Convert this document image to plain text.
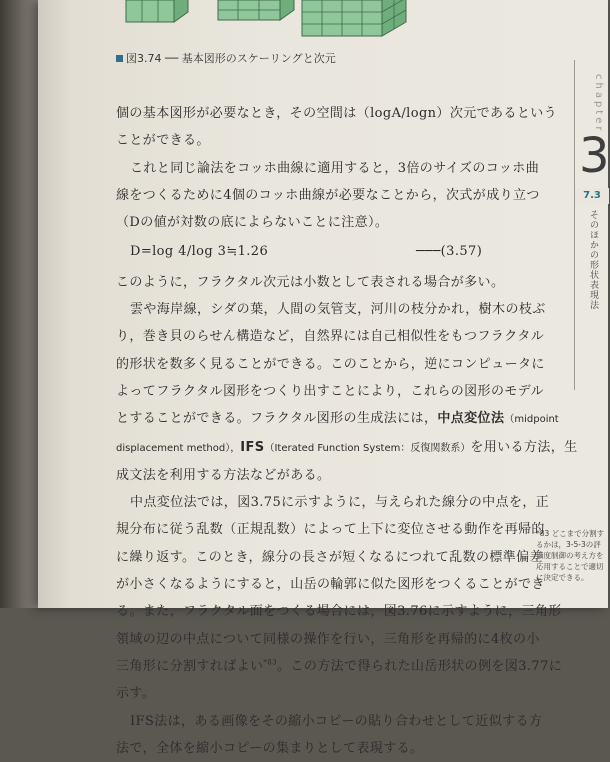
図3.74 ── 基本図形のスケーリングと次元
chapter
3
7.3
そのほかの形状表現法

個の基本図形が必要なとき，その空間は（logA/logn）次元であるという

ことができる。

これと同じ論法をコッホ曲線に適用すると，3倍のサイズのコッホ曲

線をつくるために4個のコッホ曲線が必要なことから，次式が成り立つ

（Dの値が対数の底によらないことに注意）。

D=log 4/log 3≒1.26	───(3.57)

このように，フラクタル次元は小数として表される場合が多い。

雲や海岸線，シダの葉，人間の気管支，河川の枝分かれ，樹木の枝ぶ

り，巻き貝のらせん構造など，自然界には自己相似性をもつフラクタル

的形状を数多く見ることができる。このことから，逆にコンピュータに

よってフラクタル図形をつくり出すことにより，これらの図形のモデル

とすることができる。フラクタル図形の生成法には，中点変位法（midpoint

displacement method），IFS（Iterated Function System：反復関数系）を用いる方法，生

成文法を利用する方法などがある。

中点変位法では，図3.75に示すように，与えられた線分の中点を，正

規分布に従う乱数（正規乱数）によって上下に変位させる動作を再帰的

に繰り返す。このとき，線分の長さが短くなるにつれて乱数の標準偏差

が小さくなるようにすると，山岳の輪郭に似た図形をつくることができ

る。また，フラクタル面をつくる場合には，図3.76に示すように，三角形

領域の辺の中点について同様の操作を行い，三角形を再帰的に4枚の小

三角形に分割すればよい$^{*83}$。この方法で得られた山岳形状の例を図3.77に

示す。

IFS法は，ある画像をその縮小コピーの貼り合わせとして近似する方

法で，全体を縮小コピーの集まりとして表現する。

*83 どこまで分割するかは，3-5-3の評価度制御の考え方を応用することで適切に決定できる。
